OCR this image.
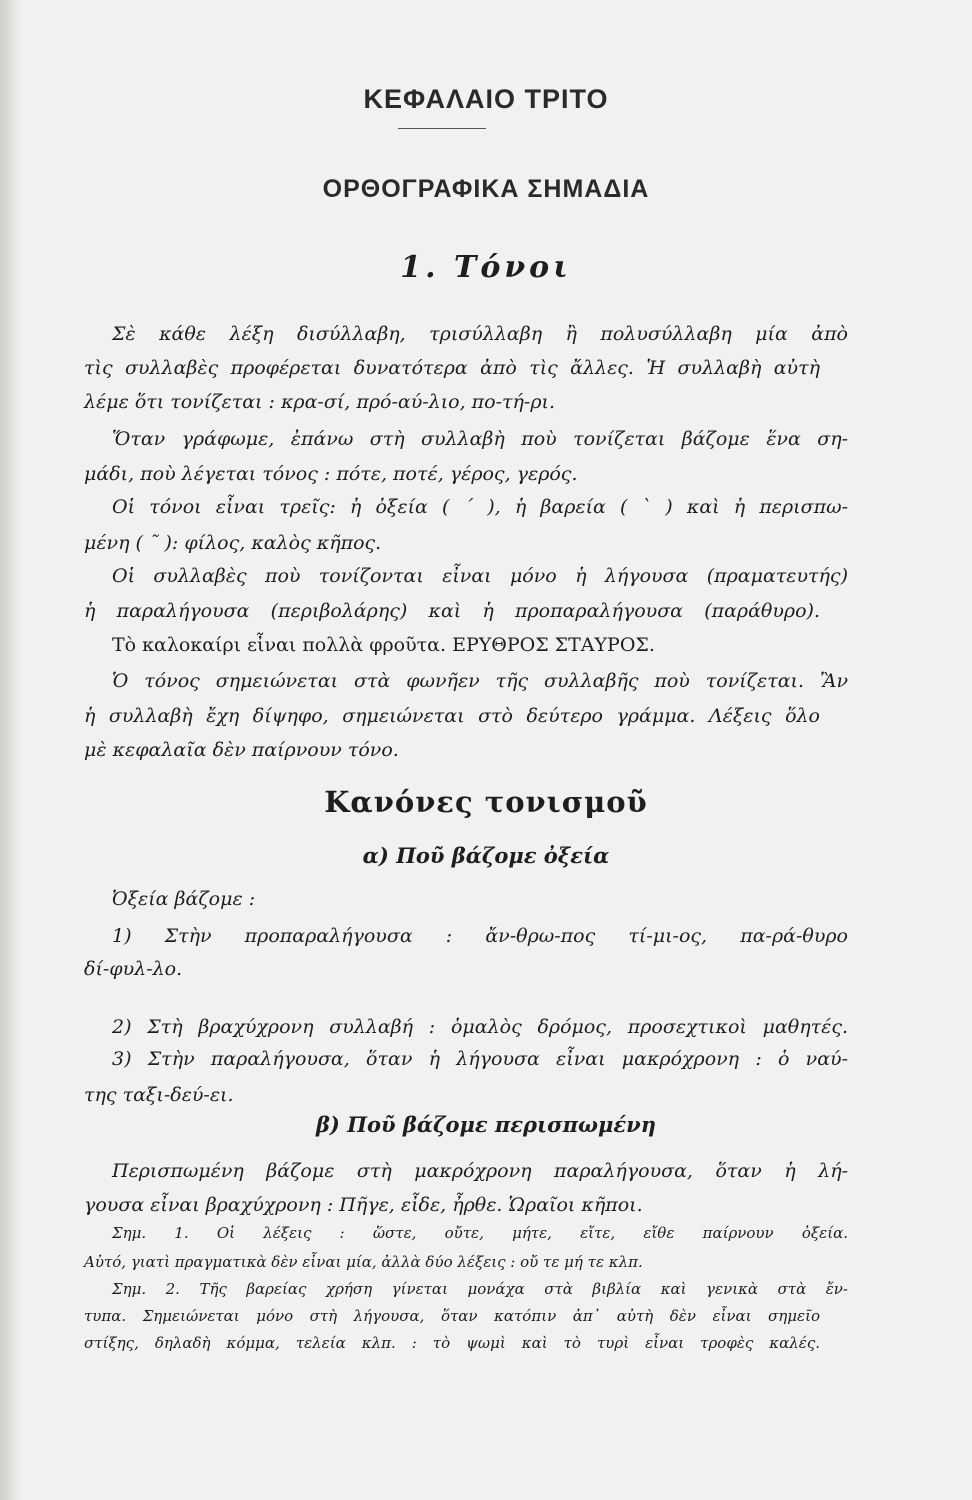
ΚΕΦΑΛΑΙΟ ΤΡΙΤΟ
ΟΡΘΟΓΡΑΦΙΚΑ ΣΗΜΑΔΙΑ
1. Τόνοι

Σὲ κάθε λέξη δισύλλαβη, τρισύλλαβη ἢ πολυσύλλαβη μία ἀπὸ

τὶς συλλαβὲς προφέρεται δυνατότερα ἀπὸ τὶς ἄλλες. Ἡ συλλαβὴ αὐτὴ

λέμε ὅτι τονίζεται : κρα-σί, πρό-αύ-λιο, πο-τή-ρι.

Ὅταν γράφωμε, ἐπάνω στὴ συλλαβὴ ποὺ τονίζεται βάζομε ἕνα ση-

μάδι, ποὺ λέγεται τόνος : πότε, ποτέ, γέρος, γερός.

Οἱ τόνοι εἶναι τρεῖς: ἡ ὀξεία ( ´ ), ἡ βαρεία ( ` ) καὶ ἡ περισπω-

μένη ( ῀ ): φίλος, καλὸς κῆπος.

Οἱ συλλαβὲς ποὺ τονίζονται εἶναι μόνο ἡ λήγουσα (πραματευτής)

ἡ παραλήγουσα (περιβολάρης) καὶ ἡ προπαραλήγουσα (παράθυρο).

Τὸ καλοκαίρι εἶναι πολλὰ φροῦτα. ΕΡΥΘΡΟΣ ΣΤΑΥΡΟΣ.

Ὁ τόνος σημειώνεται στὰ φωνῆεν τῆς συλλαβῆς ποὺ τονίζεται. Ἂν

ἡ συλλαβὴ ἔχη δίψηφο, σημειώνεται στὸ δεύτερο γράμμα. Λέξεις ὅλο

μὲ κεφαλαῖα δὲν παίρνουν τόνο.

Κανόνες τονισμοῦ
α) Ποῦ βάζομε ὀξεία

Ὀξεία βάζομε :

1) Στὴν προπαραλήγουσα : ἄν-θρω-πος τί-μι-ος, πα-ρά-θυρο

δί-φυλ-λο.

2) Στὴ βραχύχρονη συλλαβή : ὁμαλὸς δρόμος, προσεχτικοὶ μαθητές.

3) Στὴν παραλήγουσα, ὅταν ἡ λήγουσα εἶναι μακρόχρονη : ὁ ναύ-

της ταξι-δεύ-ει.

β) Ποῦ βάζομε περισπωμένη

Περισπωμένη βάζομε στὴ μακρόχρονη παραλήγουσα, ὅταν ἡ λή-

γουσα εἶναι βραχύχρονη : Πῆγε, εἶδε, ἦρθε. Ὡραῖοι κῆποι.

Σημ. 1. Οἱ λέξεις : ὥστε, οὔτε, μήτε, εἴτε, εἴθε παίρνουν ὀξεία.

Αὐτό, γιατὶ πραγματικὰ δὲν εἶναι μία, ἀλλὰ δύο λέξεις : οὔ τε μή τε κλπ.

Σημ. 2. Τῆς βαρείας χρήση γίνεται μονάχα στὰ βιβλία καὶ γενικὰ στὰ ἔν-

τυπα. Σημειώνεται μόνο στὴ λήγουσα, ὅταν κατόπιν ἀπ᾽ αὐτὴ δὲν εἶναι σημεῖο

στίξης, δηλαδὴ κόμμα, τελεία κλπ. : τὸ ψωμὶ καὶ τὸ τυρὶ εἶναι τροφὲς καλές.
